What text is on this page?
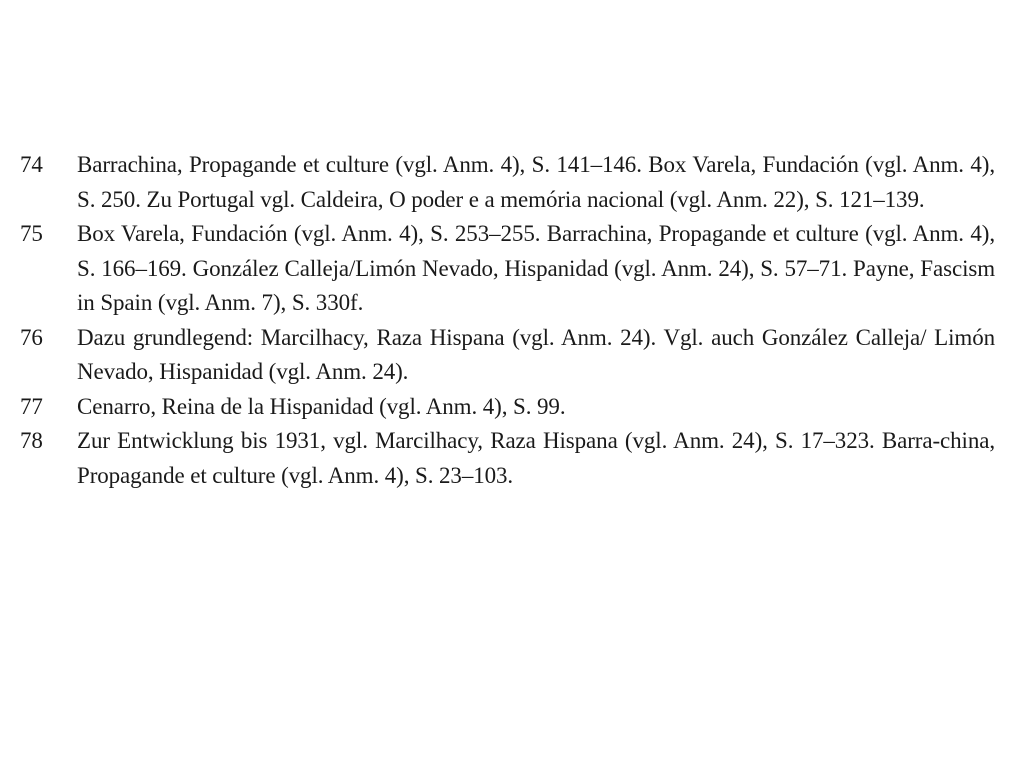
74	Barrachina, Propagande et culture (vgl. Anm. 4), S. 141–146. Box Varela, Fundación (vgl. Anm. 4), S. 250. Zu Portugal vgl. Caldeira, O poder e a memória nacional (vgl. Anm. 22), S. 121–139.
75	Box Varela, Fundación (vgl. Anm. 4), S. 253–255. Barrachina, Propagande et culture (vgl. Anm. 4), S. 166–169. González Calleja/Limón Nevado, Hispanidad (vgl. Anm. 24), S. 57–71. Payne, Fascism in Spain (vgl. Anm. 7), S. 330f.
76	Dazu grundlegend: Marcilhacy, Raza Hispana (vgl. Anm. 24). Vgl. auch González Calleja/ Limón Nevado, Hispanidad (vgl. Anm. 24).
77	Cenarro, Reina de la Hispanidad (vgl. Anm. 4), S. 99.
78	Zur Entwicklung bis 1931, vgl. Marcilhacy, Raza Hispana (vgl. Anm. 24), S. 17–323. Barra-china, Propagande et culture (vgl. Anm. 4), S. 23–103.
